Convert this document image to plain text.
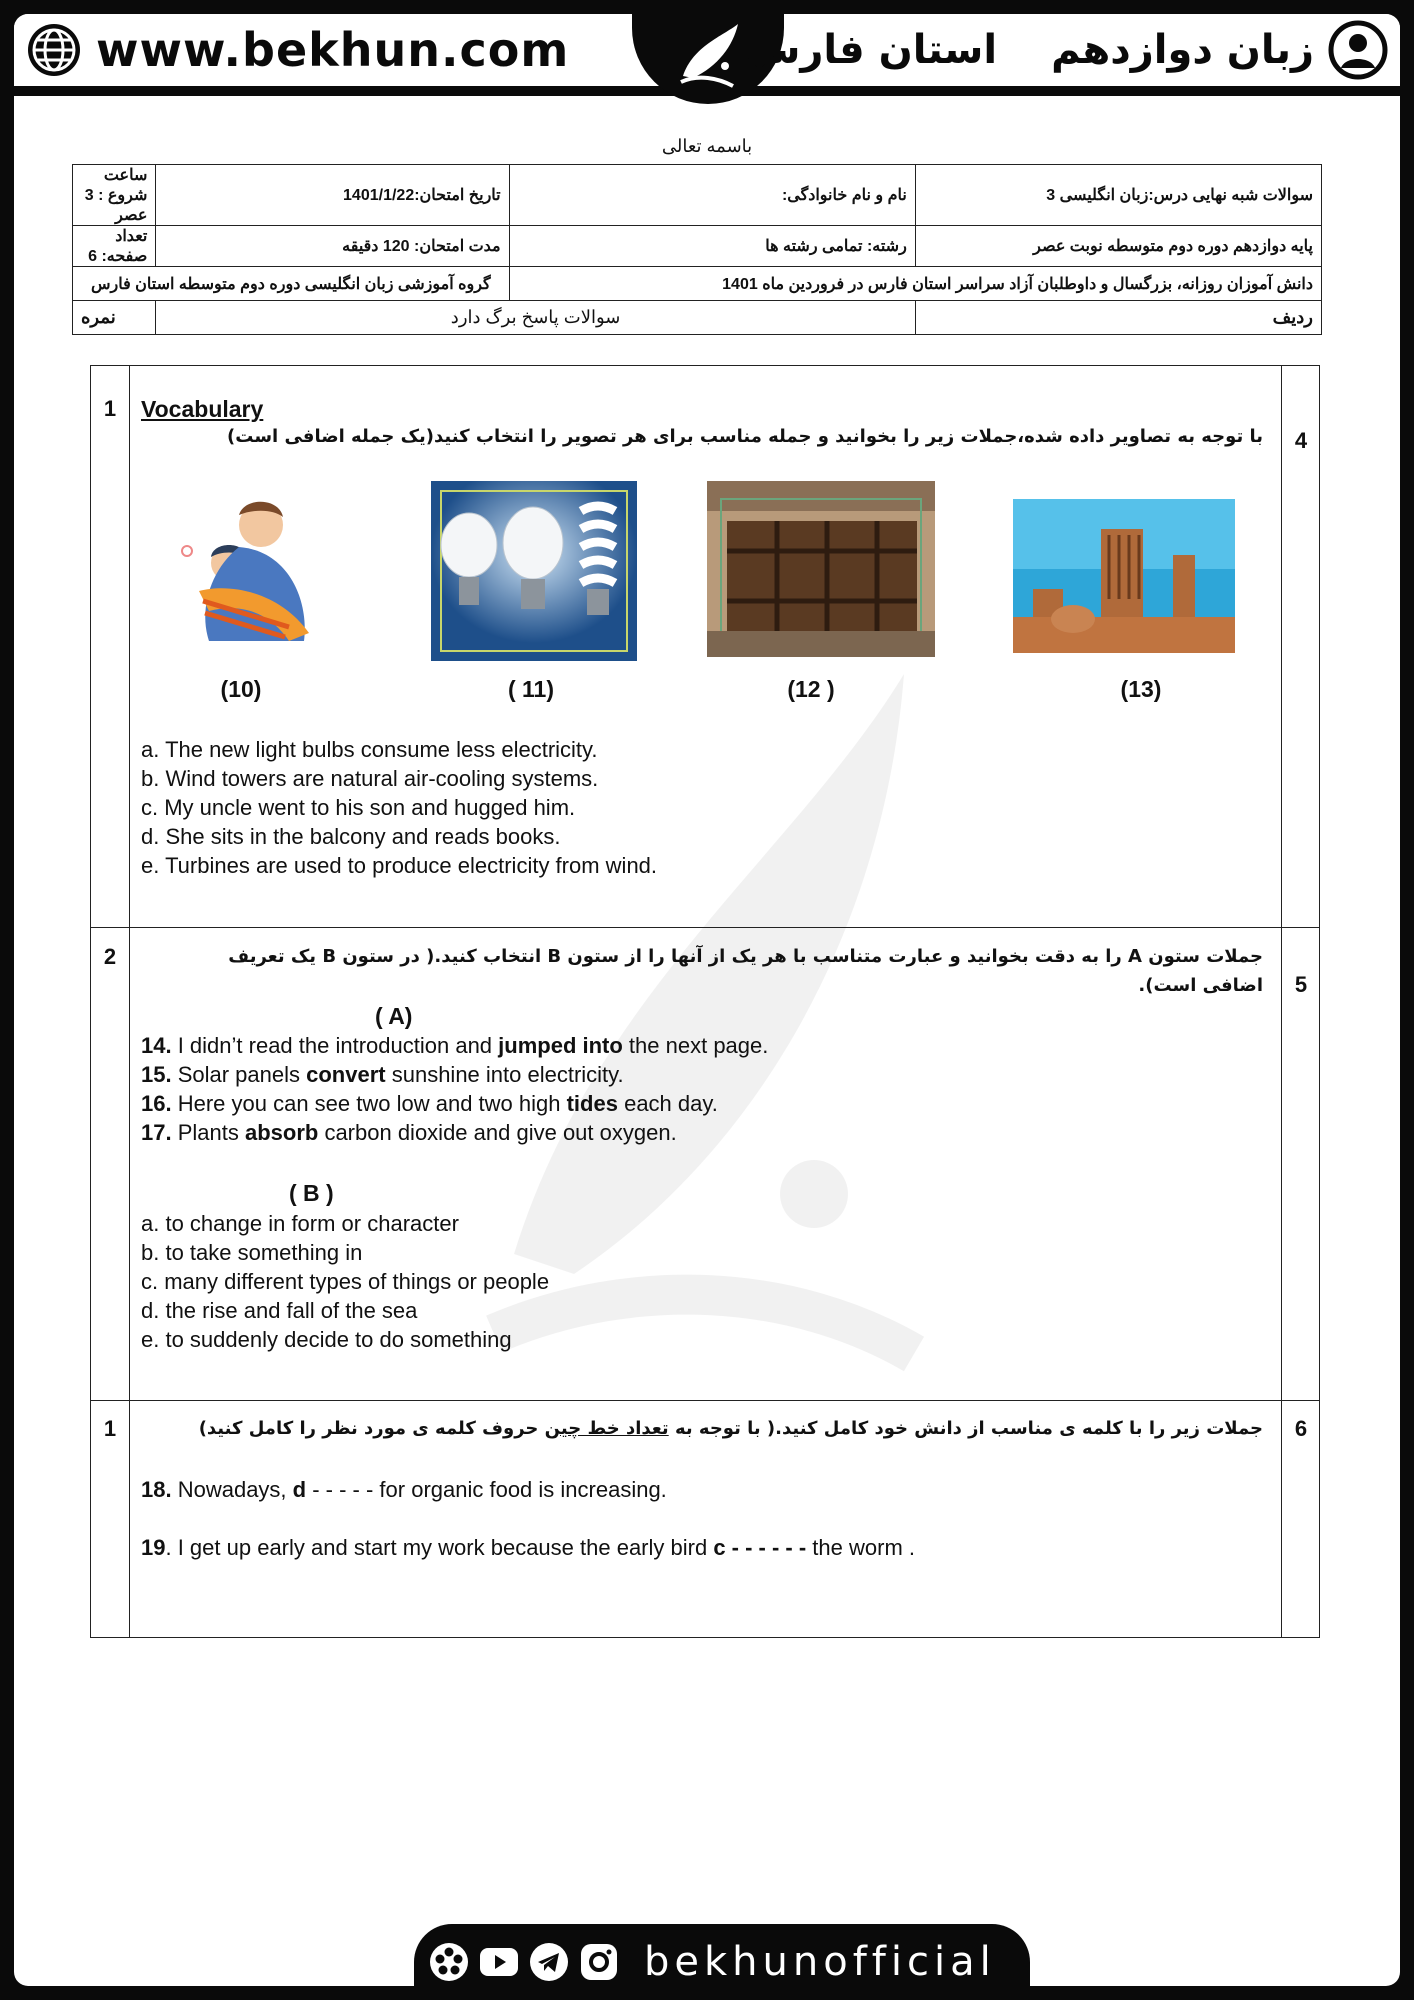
www.bekhun.com	زبان دوازدهم
استان فارس
باسمه تعالی
سوالات شبه نهایی درس:زبان انگلیسی 3	نام و نام خانوادگی:	تاریخ امتحان:1401/1/22	ساعت شروع : 3 عصر
پایه دوازدهم دوره دوم متوسطه نوبت عصر	رشته: تمامی رشته ها	مدت امتحان: 120 دقیقه	تعداد صفحه: 6
دانش آموزان روزانه، بزرگسال و داوطلبان آزاد سراسر استان فارس در فروردین ماه 1401		گروه آموزشی زبان انگلیسی دوره دوم متوسطه استان فارس	
ردیف	سوالات پاسخ برگ دارد		نمره
1
4
Vocabulary
با توجه به تصاویر داده شده،جملات زیر را بخوانید و جمله مناسب برای هر تصویر را انتخاب کنید(یک جمله اضافی است)
(10)	( 11)	(12 )	(13)
a. The new light bulbs consume less electricity.
b. Wind towers are natural air-cooling systems.
c. My uncle went to his son and hugged him.
d. She sits in the balcony and reads books.
e. Turbines are used to produce electricity from wind.
2
5
جملات ستون A را به دقت بخوانید و عبارت متناسب با هر یک از آنها را از ستون B انتخاب کنید.( در ستون B یک تعریف
اضافی است).
( A)
14. I didn’t read the introduction and jumped into the next page.
15. Solar panels convert sunshine into electricity.
16. Here you can see two low and two high tides each day.
17. Plants absorb carbon dioxide and give out oxygen.
( B )
a. to change in form or character
b. to take something in
c. many different types of things or people
d. the rise and fall of the sea
e. to suddenly decide to do something
1	6
جملات زیر را با کلمه ی مناسب از دانش خود کامل کنید.( با توجه به تعداد خط چین حروف کلمه ی مورد نظر را کامل کنید)
18. Nowadays, d - - - - - for organic food is increasing.
19. I get up early and start my work because the early bird c - - - - - - the worm .
bekhunofficial
